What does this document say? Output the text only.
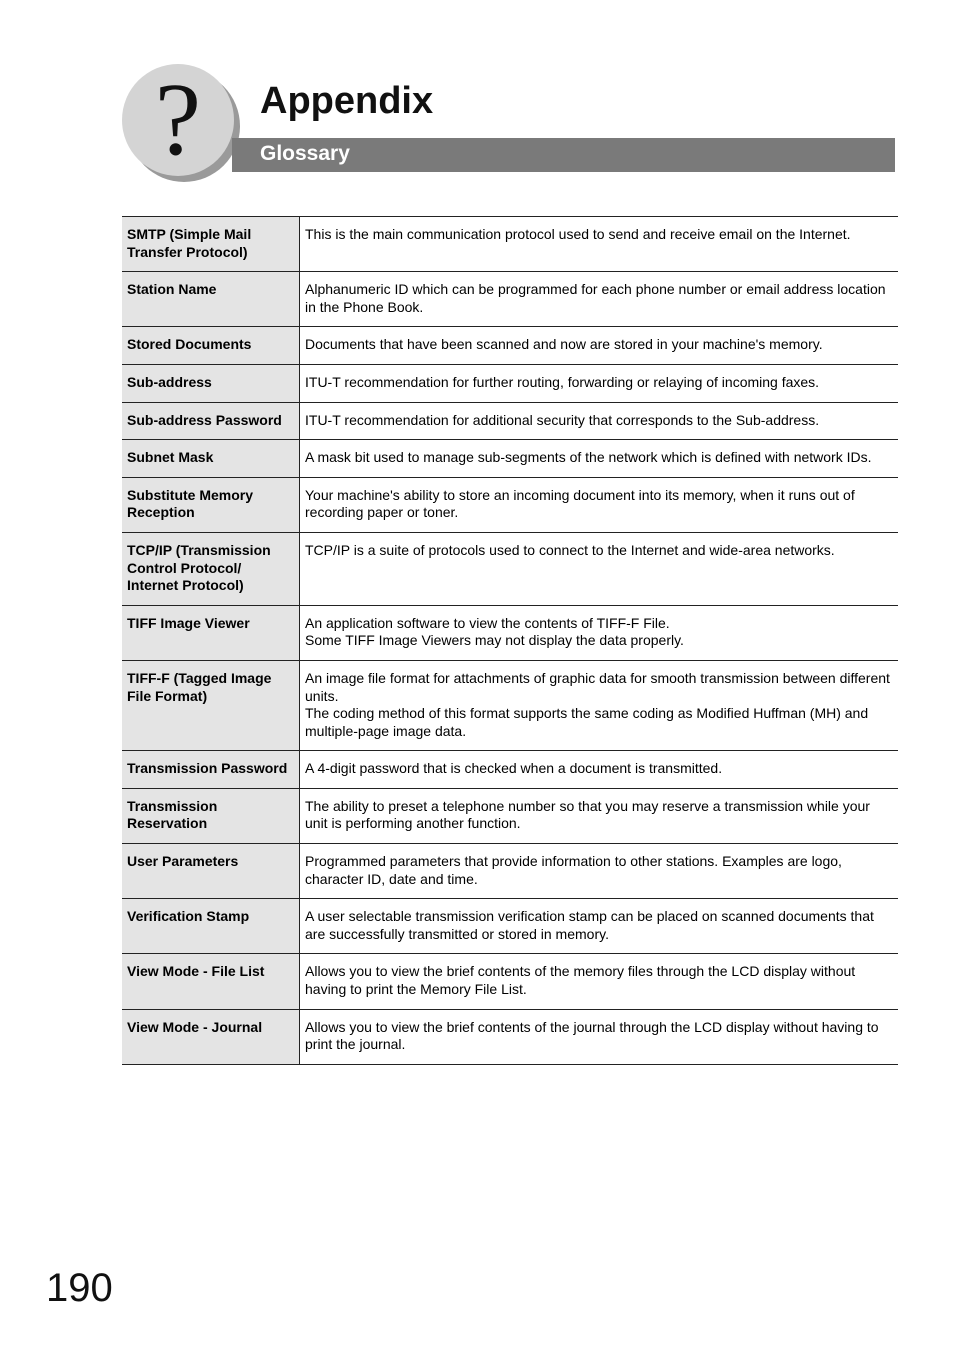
?	Appendix
Glossary
SMTP (Simple Mail Transfer Protocol)	This is the main communication protocol used to send and receive email on the Internet.

Station Name	Alphanumeric ID which can be programmed for each phone number or email address location in the Phone Book.

Stored Documents	Documents that have been scanned and now are stored in your machine's memory.

Sub-address	ITU-T recommendation for further routing, forwarding or relaying of incoming faxes.

Sub-address Password	ITU-T recommendation for additional security that corresponds to the Sub-address.

Subnet Mask	A mask bit used to manage sub-segments of the network which is defined with network IDs.

Substitute Memory Reception	Your machine's ability to store an incoming document into its memory, when it runs out of recording paper or toner.

TCP/IP (Transmission Control Protocol/ Internet Protocol)	TCP/IP is a suite of protocols used to connect to the Internet and wide-area networks.

TIFF Image Viewer	An application software to view the contents of TIFF-F File.
Some TIFF Image Viewers may not display the data properly.

TIFF-F (Tagged Image File Format)	An image file format for attachments of graphic data for smooth transmission between different units.
The coding method of this format supports the same coding as Modified Huffman (MH) and multiple-page image data.

Transmission Password	A 4-digit password that is checked when a document is transmitted.

Transmission Reservation	The ability to preset a telephone number so that you may reserve a transmission while your unit is performing another function.

User Parameters	Programmed parameters that provide information to other stations. Examples are logo, character ID, date and time.

Verification Stamp	A user selectable transmission verification stamp can be placed on scanned documents that are successfully transmitted or stored in memory.

View Mode - File List	Allows you to view the brief contents of the memory files through the LCD display without having to print the Memory File List.

View Mode - Journal	Allows you to view the brief contents of the journal through the LCD display without having to print the journal.
190
